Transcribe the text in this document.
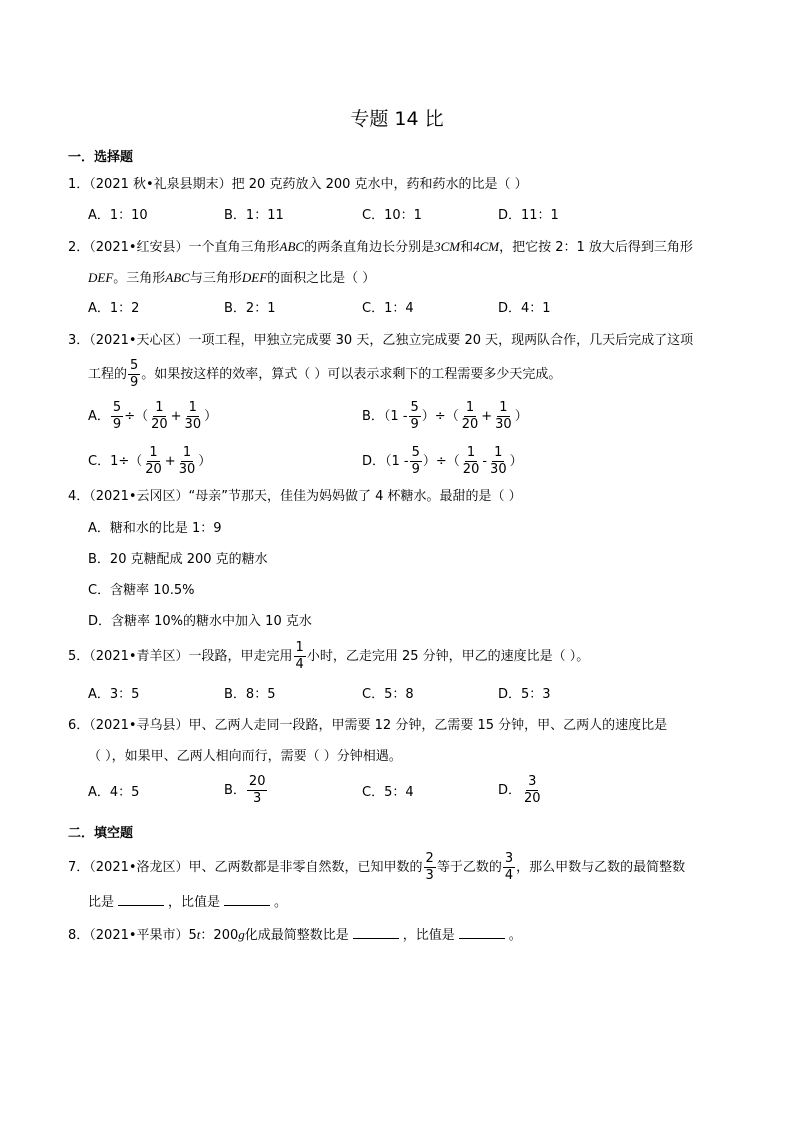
专题 14 比
一．选择题
1．（2021 秋•礼泉县期末）把 20 克药放入 200 克水中，药和药水的比是（ ）
A．1：10	B．1：11	C．10：1	D．11：1
2．（2021•红安县）一个直角三角形ABC的两条直角边长分别是3CM和4CM，把它按 2：1 放大后得到三角形
DEF。三角形ABC与三角形DEF的面积之比是（ ）
A．1：2	B．2：1	C．1：4	D．4：1
3．（2021•天心区）一项工程，甲独立完成要 30 天，乙独立完成要 20 天，现两队合作，几天后完成了这项
工程的 $\frac{5}{9}$ 。如果按这样的效率，算式（ ）可以表示求剩下的工程需要多少天完成。
A． $\frac{5}{9}$ ÷（ $\frac{1}{20} + \frac{1}{30}$ ）	B．（$1 - \frac{5}{9}$ ）÷（ $\frac{1}{20} + \frac{1}{30}$ ）
C．$1\div( \frac{1}{20} + \frac{1}{30}$ ）	D．（$1 - \frac{5}{9}$ ）÷（ $\frac{1}{20} - \frac{1}{30}$ ）
4．（2021•云冈区）“母亲”节那天，佳佳为妈妈做了 4 杯糖水。最甜的是（ ）
A．糖和水的比是 1：9
B．20 克糖配成 200 克的糖水
C．含糖率 10.5%
D．含糖率 10%的糖水中加入 10 克水
5．（2021•青羊区）一段路，甲走完用 $\frac{1}{4}$ 小时，乙走完用 25 分钟，甲乙的速度比是（ ）。
A．3：5	B．8：5	C．5：8	D．5：3
6．（2021•寻乌县）甲、乙两人走同一段路，甲需要 12 分钟，乙需要 15 分钟，甲、乙两人的速度比是
（ ），如果甲、乙两人相向而行，需要（ ）分钟相遇。
A．4：5	B． $\frac{20}{3}$	C．5：4	D． $\frac{3}{20}$
二．填空题
7．（2021•洛龙区）甲、乙两数都是非零自然数，已知甲数的 $\frac{2}{3}$ 等于乙数的 $\frac{3}{4}$ ，那么甲数与乙数的最简整数
比是	，比值是	。
8．（2021•平果市）5t：200g化成最简整数比是	，比值是	。
